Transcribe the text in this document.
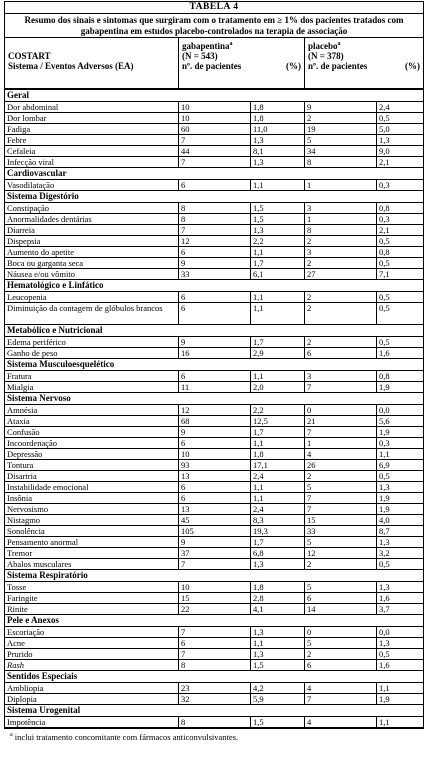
TABELA 4
Resumo dos sinais e sintomas que surgiram com o tratamento em ≥ 1% dos pacientes tratados com gabapentina em estudos placebo-controlados na terapia de associação
COSTART
Sistema / Eventos Adversos (EA)
gabapentina$^a$
(N = 543)
nº. de pacientes	(%)
placebo$^a$
(N = 378)
nº. de pacientes	(%)
Geral
Dor abdominal	10	1,8	9	2,4
Dor lombar	10	1,8	2	0,5
Fadiga	60	11,0	19	5,0
Febre	7	1,3	5	1,3
Cefaleia	44	8,1	34	9,0
Infecção viral	7	1,3	8	2,1
Cardiovascular
Vasodilatação	6	1,1	1	0,3
Sistema Digestório
Constipação	8	1,5	3	0,8
Anormalidades dentárias	8	1,5	1	0,3
Diarreia	7	1,3	8	2,1
Dispepsia	12	2,2	2	0,5
Aumento do apetite	6	1,1	3	0,8
Boca ou garganta seca	9	1,7	2	0,5
Náusea e/ou vômito	33	6,1	27	7,1
Hematológico e Linfático
Leucopenia	6	1,1	2	0,5
Diminuição da contagem de glóbulos brancos	6	1,1	2	0,5
Metabólico e Nutricional
Edema periférico	9	1,7	2	0,5
Ganho de peso	16	2,9	6	1,6
Sistema Musculoesquelético
Fratura	6	1,1	3	0,8
Mialgia	11	2,0	7	1,9
Sistema Nervoso
Amnésia	12	2,2	0	0,0
Ataxia	68	12,5	21	5,6
Confusão	9	1,7	7	1,9
Incoordenação	6	1,1	1	0,3
Depressão	10	1,8	4	1,1
Tontura	93	17,1	26	6,9
Disartria	13	2,4	2	0,5
Instabilidade emocional	6	1,1	5	1,3
Insônia	6	1,1	7	1,9
Nervosismo	13	2,4	7	1,9
Nistagmo	45	8,3	15	4,0
Sonolência	105	19,3	33	8,7
Pensamento anormal	9	1,7	5	1,3
Tremor	37	6,8	12	3,2
Abalos musculares	7	1,3	2	0,5
Sistema Respiratório
Tosse	10	1,8	5	1,3
Faringite	15	2,8	6	1,6
Rinite	22	4,1	14	3,7
Pele e Anexos
Escoriação	7	1,3	0	0,0
Acne	6	1,1	5	1,3
Prurido	7	1,3	2	0,5
Rash	8	1,5	6	1,6
Sentidos Especiais
Ambliopia	23	4,2	4	1,1
Diplopia	32	5,9	7	1,9
Sistema Urogenital
Impotência	8	1,5	4	1,1
$^a$ inclui tratamento concomitante com fármacos anticonvulsivantes.
